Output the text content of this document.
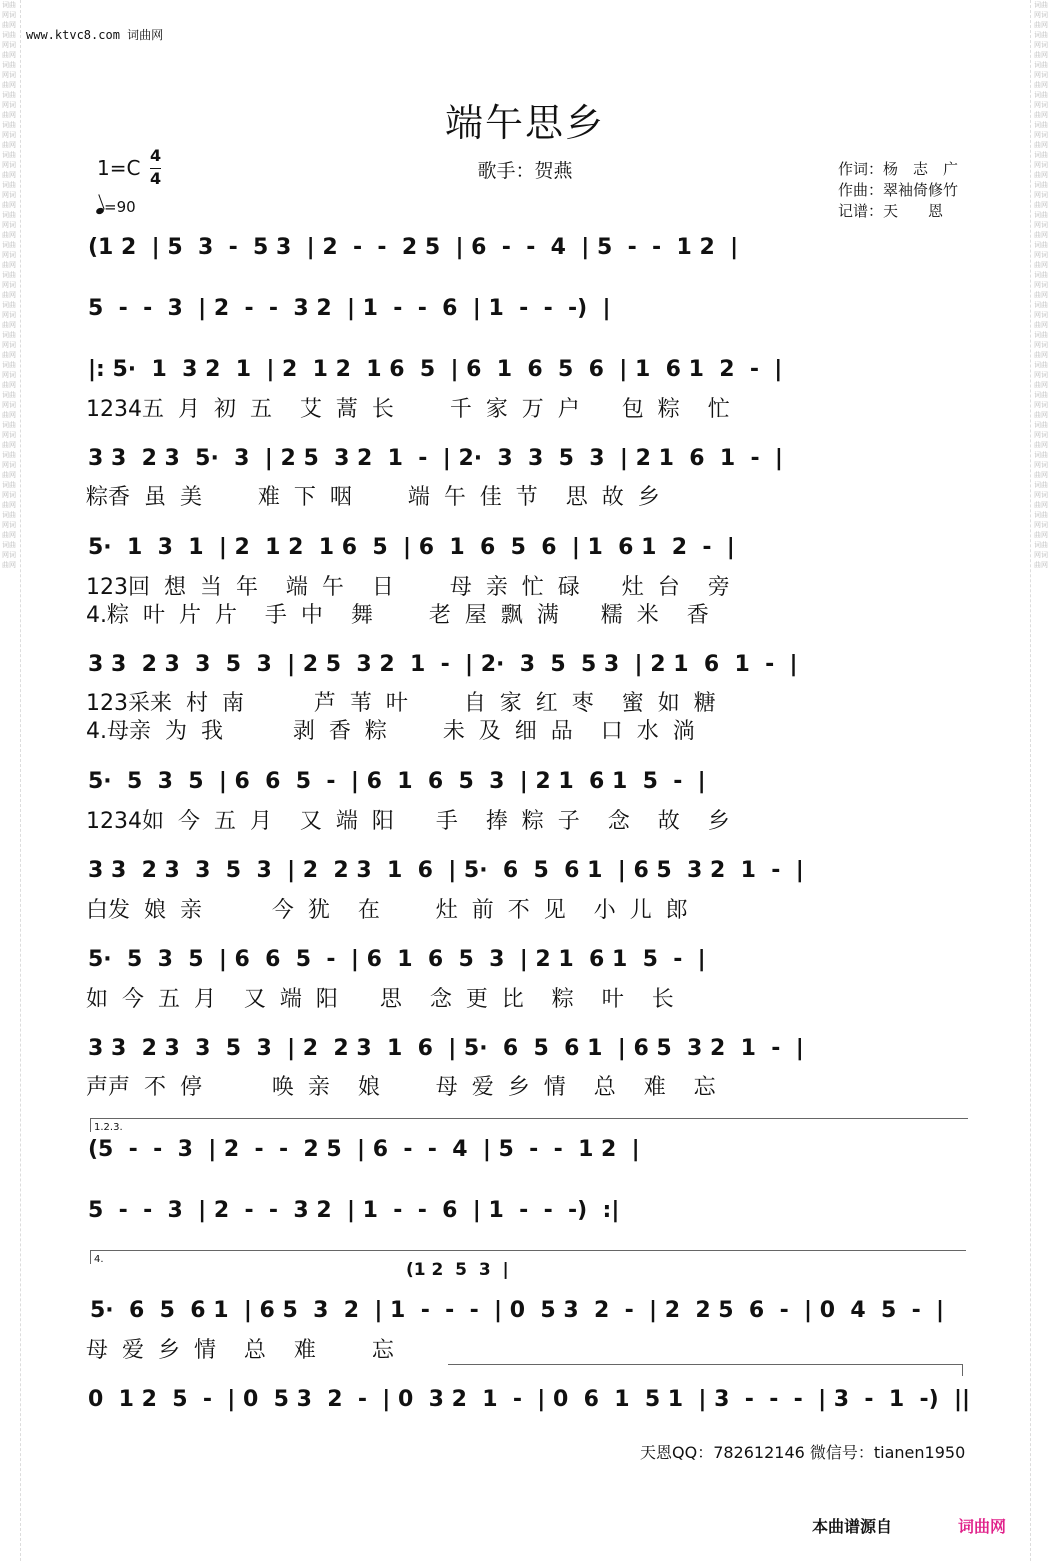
词曲网词曲网词曲网词曲网词曲网词曲网词曲网词曲网词曲网词曲网词曲网词曲网词曲网词曲网词曲网词曲网词曲网词曲网词曲网词曲网词曲网词曲网词曲网词曲网词曲网词曲网词曲网词曲网词曲网词曲网词曲网词曲网词曲网词曲网词曲网词曲网词曲网词曲网
词曲网词曲网词曲网词曲网词曲网词曲网词曲网词曲网词曲网词曲网词曲网词曲网词曲网词曲网词曲网词曲网词曲网词曲网词曲网词曲网词曲网词曲网词曲网词曲网词曲网词曲网词曲网词曲网词曲网词曲网词曲网词曲网词曲网词曲网词曲网词曲网词曲网词曲网
www.ktvc8.com 词曲网
端午思乡
歌手：贺燕
1=C
4
4
=90
作词：杨　志　广
作曲：翠袖倚修竹
记谱：天　　恩
(1 2  | 5  3  -  5 3  | 2  -  -  2 5  | 6  -  -  4  | 5  -  -  1 2  |
5  -  -  3  | 2  -  -  3 2  | 1  -  -  6  | 1  -  -  -)  |
|: 5·  1  3 2  1  | 2  1 2  1 6  5  | 6  1  6  5  6  | 1  6 1  2  -  |
1234五  月  初  五    艾  蒿  长        千  家  万  户      包  粽    忙
3 3  2 3  5·  3  | 2 5  3 2  1  -  | 2·  3  3  5  3  | 2 1  6  1  -  |
粽香  虽  美        难  下  咽        端  午  佳  节    思  故  乡
5·  1  3  1  | 2  1 2  1 6  5  | 6  1  6  5  6  | 1  6 1  2  -  |
123回  想  当  年    端  午    日        母  亲  忙  碌      灶  台    旁
4.粽  叶  片  片    手  中    舞        老  屋  飘  满      糯  米    香
3 3  2 3  3  5  3  | 2 5  3 2  1  -  | 2·  3  5  5 3  | 2 1  6  1  -  |
123采来  村  南          芦  苇  叶        自  家  红  枣    蜜  如  糖
4.母亲  为  我          剥  香  粽        未  及  细  品    口  水  淌
5·  5  3  5  | 6  6  5  -  | 6  1  6  5  3  | 2 1  6 1  5  -  |
1234如  今  五  月    又  端  阳      手    捧  粽  子    念    故    乡
3 3  2 3  3  5  3  | 2  2 3  1  6  | 5·  6  5  6 1  | 6 5  3 2  1  -  |
白发  娘  亲          今  犹    在        灶  前  不  见    小  儿  郎
5·  5  3  5  | 6  6  5  -  | 6  1  6  5  3  | 2 1  6 1  5  -  |
如  今  五  月    又  端  阳      思    念  更  比    粽    叶    长
3 3  2 3  3  5  3  | 2  2 3  1  6  | 5·  6  5  6 1  | 6 5  3 2  1  -  |
声声  不  停          唤  亲    娘        母  爱  乡  情    总    难    忘
1.2.3.
(5  -  -  3  | 2  -  -  2 5  | 6  -  -  4  | 5  -  -  1 2  |
5  -  -  3  | 2  -  -  3 2  | 1  -  -  6  | 1  -  -  -)  :|
4.
(1 2  5  3  |
5·  6  5  6 1  | 6 5  3  2  | 1  -  -  -  | 0  5 3  2  -  | 2  2 5  6  -  | 0  4  5  -  |
母  爱  乡  情    总    难        忘
0  1 2  5  -  | 0  5 3  2  -  | 0  3 2  1  -  | 0  6  1  5 1  | 3  -  -  -  | 3  -  1  -)  ||
天恩QQ：782612146 微信号：tianen1950
本曲谱源自	词曲网
